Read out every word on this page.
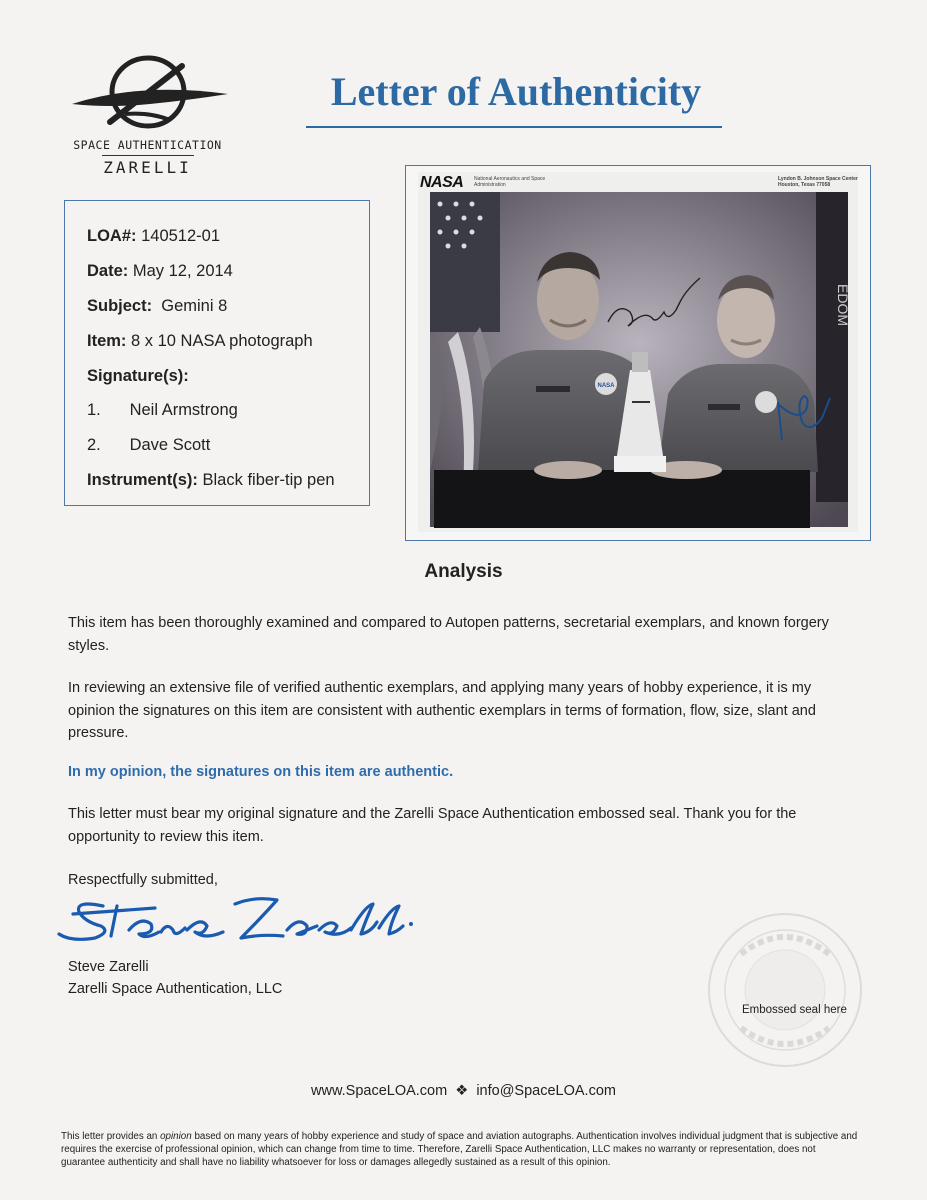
SPACE AUTHENTICATION
ZARELLI
Letter of Authenticity
LOA#: 140512-01
Date: May 12, 2014
Subject: Gemini 8
Item: 8 x 10 NASA photograph
Signature(s):
1. Neil Armstrong
2. Dave Scott
Instrument(s): Black fiber-tip pen
NASA National Aeronautics and Space Administration
Lyndon B. Johnson Space Center Houston, Texas 77058
EDOM
NASA
Analysis
This item has been thoroughly examined and compared to Autopen patterns, secretarial exemplars, and known forgery styles.
In reviewing an extensive file of verified authentic exemplars, and applying many years of hobby experience, it is my opinion the signatures on this item are consistent with authentic exemplars in terms of formation, flow, size, slant and pressure.
In my opinion, the signatures on this item are authentic.
This letter must bear my original signature and the Zarelli Space Authentication embossed seal. Thank you for the opportunity to review this item.
Respectfully submitted,
Steve Zarelli
Zarelli Space Authentication, LLC
Embossed seal here
www.SpaceLOA.com ❖ info@SpaceLOA.com
This letter provides an opinion based on many years of hobby experience and study of space and aviation autographs. Authentication involves individual judgment that is subjective and requires the exercise of professional opinion, which can change from time to time. Therefore, Zarelli Space Authentication, LLC makes no warranty or representation, does not guarantee authenticity and shall have no liability whatsoever for loss or damages allegedly sustained as a result of this opinion.
